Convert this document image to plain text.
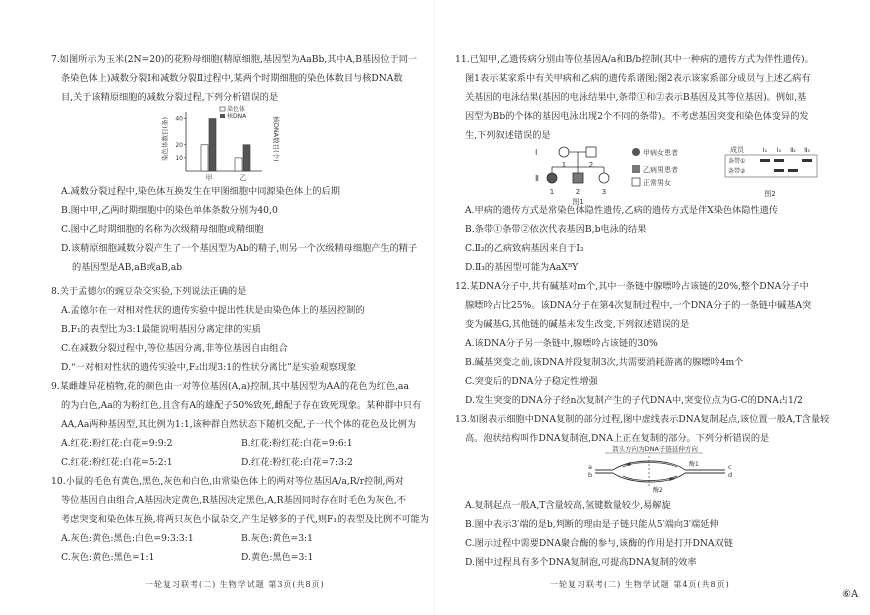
7.如图所示为玉米(2N=20)的花粉母细胞(精原细胞,基因型为AaBb,其中A,B基因位于同一
条染色体上)减数分裂Ⅰ和减数分裂Ⅱ过程中,某两个时期细胞的染色体数目与核DNA数
目,关于该精原细胞的减数分裂过程,下列分析错误的是
染色体数目(条)	核DNA数目(个)
10
20
40
染色体
核DNA
甲	乙
A.减数分裂过程中,染色体互换发生在甲图细胞中同源染色体上的后期
B.图中甲,乙两时期细胞中的染色单体条数分别为40,0
C.图中乙时期细胞的名称为次级精母细胞或精细胞
D.该精原细胞减数分裂产生了一个基因型为Ab的精子,则另一个次级精母细胞产生的精子
的基因型是AB,aB或aB,ab
8.关于孟德尔的豌豆杂交实验,下列说法正确的是
A.孟德尔在一对相对性状的遗传实验中提出性状是由染色体上的基因控制的
B.F₁的表型比为3:1最能说明基因分离定律的实质
C.在减数分裂过程中,等位基因分离,非等位基因自由组合
D.“一对相对性状的遗传实验中,F₂出现3:1的性状分离比”是实验观察现象
9.某雌雄异花植物,花的颜色由一对等位基因(A,a)控制,其中基因型为AA的花色为红色,aa
的为白色,Aa的为粉红色,且含有A的雄配子50%致死,雌配子存在致死现象。某种群中只有
AA,Aa两种基因型,其比例为1:1,该种群自然状态下随机交配,子一代个体的花色及比例为
A.红花:粉红花:白花=9:9:2	B.红花:粉红花:白花=9:6:1
C.红花:粉红花:白花=5:2:1	D.红花:粉红花:白花=7:3:2
10.小鼠的毛色有黄色,黑色,灰色和白色,由常染色体上的两对等位基因A/a,R/r控制,两对
等位基因自由组合,A基因决定黄色,R基因决定黑色,A,R基因同时存在时毛色为灰色,不
考虑突变和染色体互换,将两只灰色小鼠杂交,产生足够多的子代,则F₁的表型及比例不可能为
A.灰色:黄色:黑色:白色=9:3:3:1	B.灰色:黄色=3:1
C.灰色:黄色:黑色=1:1	D.黄色:黑色=3:1
一轮复习联考(二) 生物学试题 第3页(共8页)
11.已知甲,乙遗传病分别由等位基因A/a和B/b控制(其中一种病的遗传方式为伴性遗传)。
图1表示某家系中有关甲病和乙病的遗传系谱图;图2表示该家系部分成员与上述乙病有
关基因的电泳结果(基因的电泳结果中,条带①和②表示B基因及其等位基因)。例如,基
因型为Bb的个体的基因电泳出现2个不同的条带)。不考虑基因突变和染色体变异的发
生,下列叙述错误的是
Ⅰ
Ⅱ
1	2
1	2	3
图1
甲病女患者
乙病男患者
正常男女
成员	Ⅰ₁ Ⅰ₂ Ⅱ₂ Ⅱ₃
条带①
条带②
图2
A.甲病的遗传方式是常染色体隐性遗传,乙病的遗传方式是伴X染色体隐性遗传
B.条带①条带②依次代表基因B,b电泳的结果
C.Ⅱ₂的乙病致病基因来自于Ⅰ₂
D.Ⅱ₃的基因型可能为AaXᴮY
12.某DNA分子中,共有碱基对m个,其中一条链中腺嘌呤占该链的20%,整个DNA分子中
腺嘌呤占比25%。该DNA分子在第4次复制过程中,一个DNA分子的一条链中碱基A突
变为碱基G,其他链的碱基未发生改变,下列叙述错误的是
A.该DNA分子另一条链中,腺嘌呤占该链的30%
B.碱基突变之前,该DNA并段复制3次,共需要消耗游离的腺嘌呤4m个
C.突变后的DNA分子稳定性增强
D.发生突变的DNA分子经n次复制产生的子代DNA中,突变位点为G-C的DNA占1/2
13.如图表示细胞中DNA复制的部分过程,图中虚线表示DNA复制起点,该位置一般A,T含量较
高。泡状结构叫作DNA复制泡,DNA上正在复制的部分。下列分析错误的是
箭头方向为DNA子链延伸方向
a
b
c
d
酶1
酶2
A.复制起点一般A,T含量较高,氢键数量较少,易解旋
B.图中表示3′端的是b,判断的理由是子链只能从5′端向3′端延伸
C.图示过程中需要DNA聚合酶的参与,该酶的作用是打开DNA双链
D.图中过程具有多个DNA复制泡,可提高DNA复制的效率
一轮复习联考(二) 生物学试题 第4页(共8页)
⑥A
